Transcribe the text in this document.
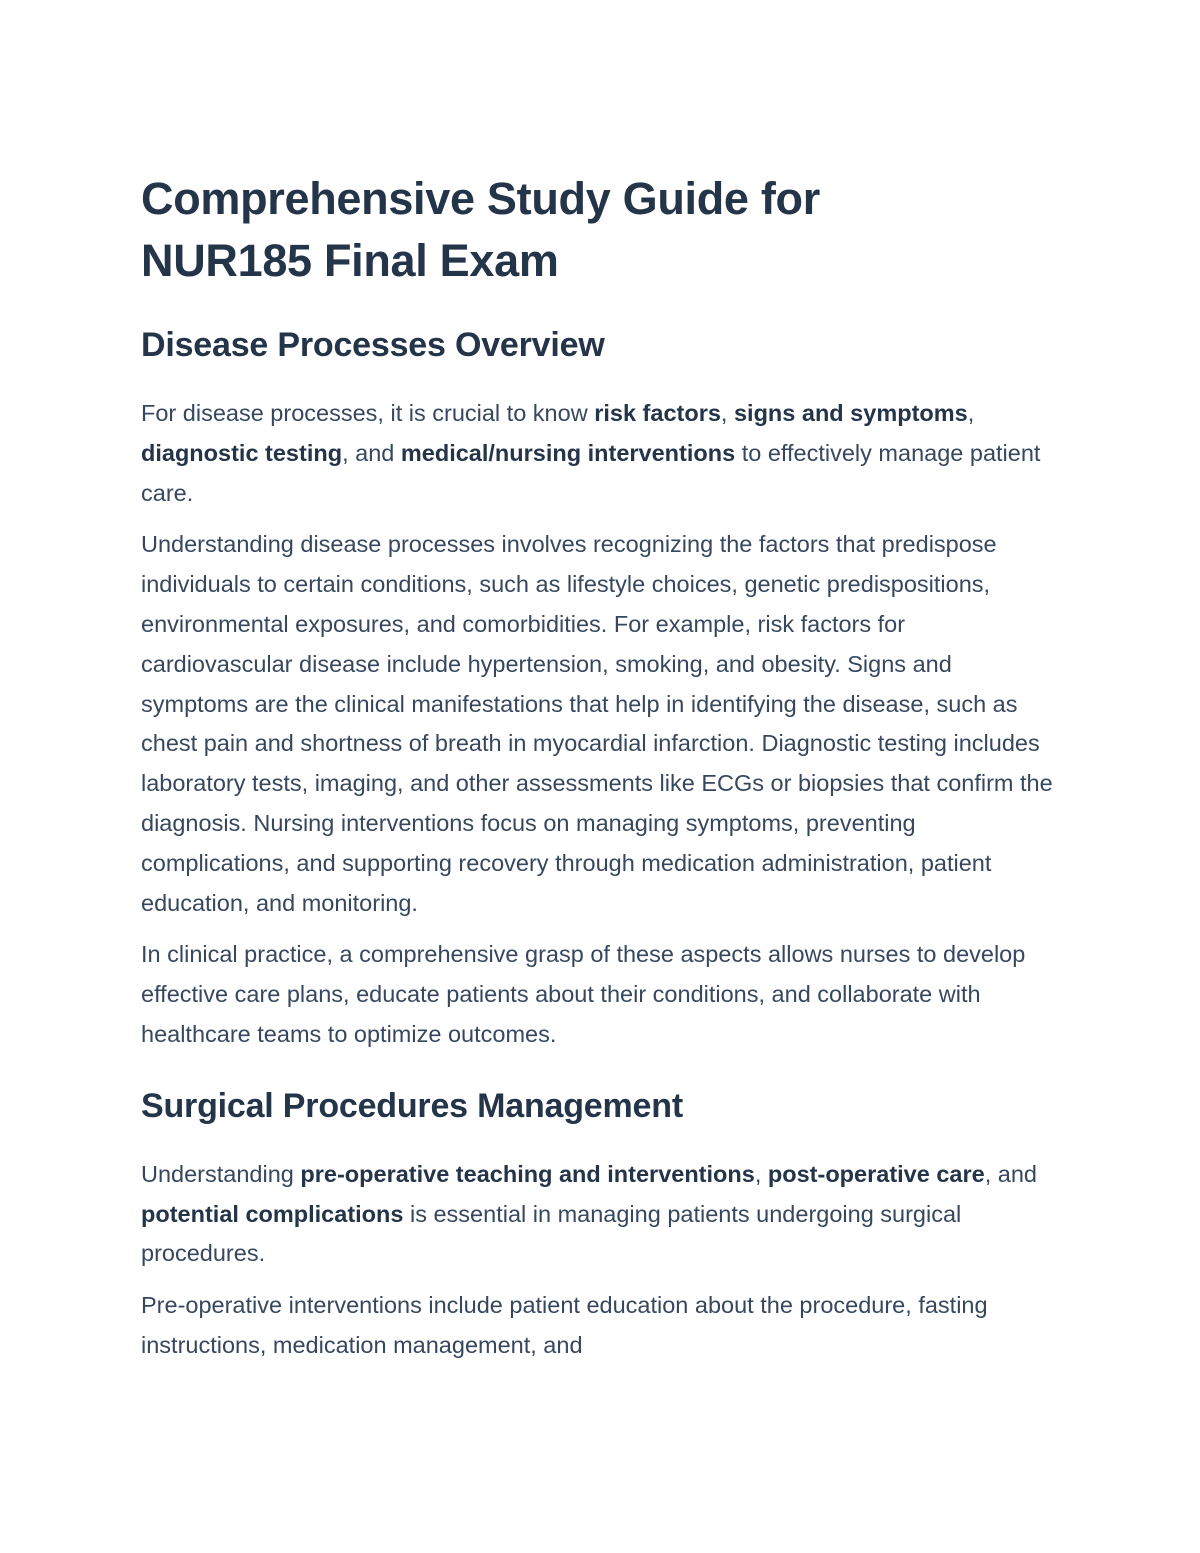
Comprehensive Study Guide for
NUR185 Final Exam
Disease Processes Overview

For disease processes, it is crucial to know risk factors, signs and symptoms, diagnostic testing, and medical/nursing interventions to effectively manage patient care.

Understanding disease processes involves recognizing the factors that predispose individuals to certain conditions, such as lifestyle choices, genetic predispositions, environmental exposures, and comorbidities. For example, risk factors for cardiovascular disease include hypertension, smoking, and obesity. Signs and symptoms are the clinical manifestations that help in identifying the disease, such as chest pain and shortness of breath in myocardial infarction. Diagnostic testing includes laboratory tests, imaging, and other assessments like ECGs or biopsies that confirm the diagnosis. Nursing interventions focus on managing symptoms, preventing complications, and supporting recovery through medication administration, patient education, and monitoring.

In clinical practice, a comprehensive grasp of these aspects allows nurses to develop effective care plans, educate patients about their conditions, and collaborate with healthcare teams to optimize outcomes.

Surgical Procedures Management

Understanding pre-operative teaching and interventions, post-operative care, and potential complications is essential in managing patients undergoing surgical procedures.

Pre-operative interventions include patient education about the procedure, fasting instructions, medication management, and
